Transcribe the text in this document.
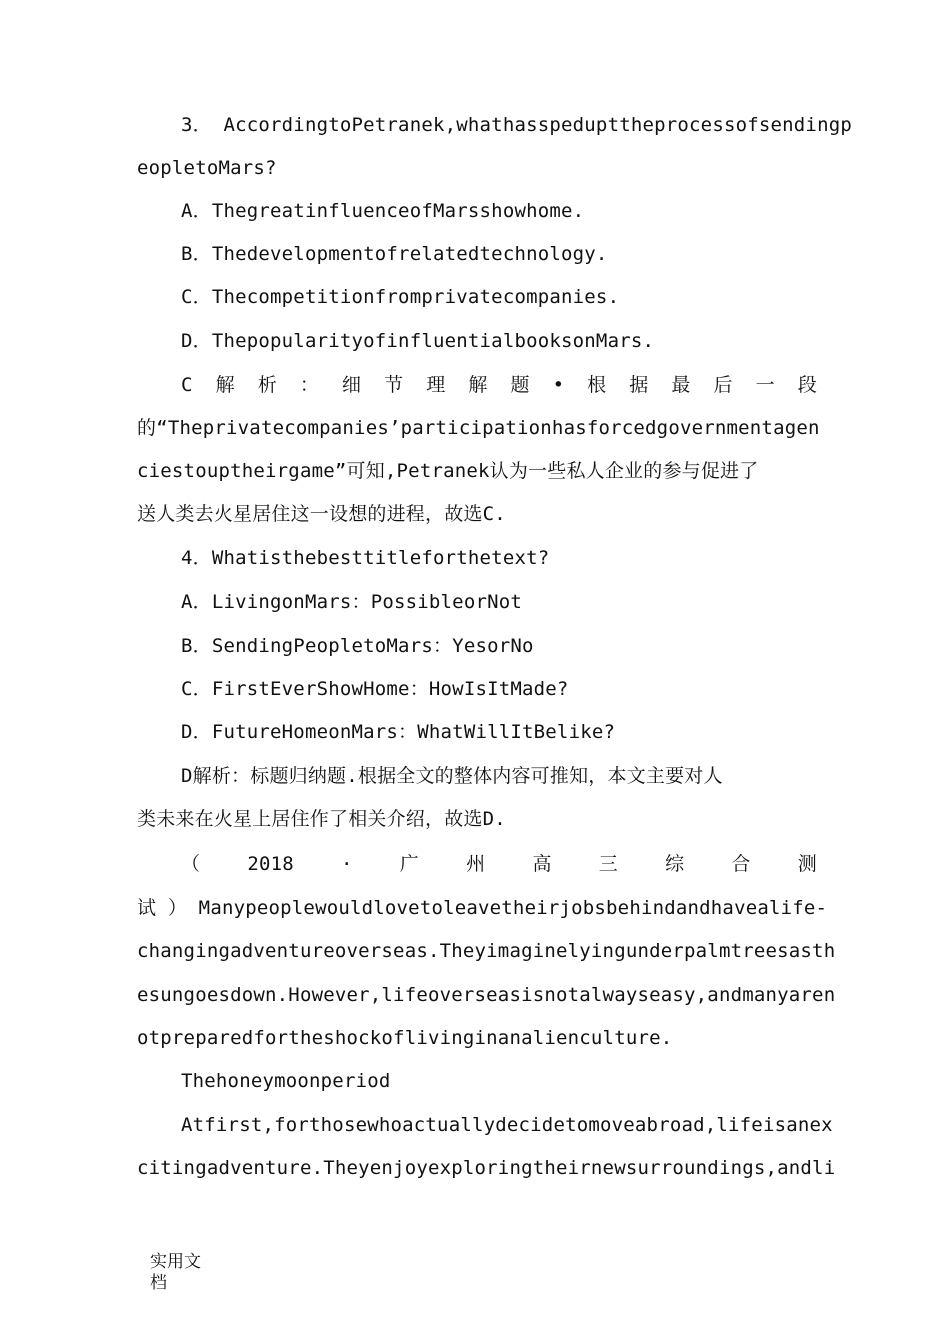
3． AccordingtoPetranek,whathasspedupttheprocessofsendingp
eopletoMars?
A．ThegreatinfluenceofMarsshowhome.
B．Thedevelopmentofrelatedtechnology.
C．Thecompetitionfromprivatecompanies.
D．ThepopularityofinfluentialbooksonMars.
C 解 析 ： 细 节 理 解 题 • 根 据 最 后 一 段
的“Theprivatecompanies’participationhasforcedgovernmentagen
ciestouptheirgame”可知,Petranek认为一些私人企业的参与促进了
送人类去火星居住这一设想的进程，故选C.
4．Whatisthebesttitleforthetext?
A．LivingonMars：PossibleorNot
B．SendingPeopletoMars：YesorNo
C．FirstEverShowHome：HowIsItMade?
D．FutureHomeonMars：WhatWillItBelike?
D解析：标题归纳题.根据全文的整体内容可推知，本文主要对人
类未来在火星上居住作了相关介绍，故选D.
（ 2018 · 广 州 高 三 综 合 测
试 ） Manypeoplewouldlovetoleavetheirjobsbehindandhavealife-
changingadventureoverseas.Theyimaginelyingunderpalmtreesasth
esungoesdown.However,lifeoverseasisnotalwayseasy,andmanyaren
otpreparedfortheshockoflivinginanalienculture.
Thehoneymoonperiod
Atfirst,forthosewhoactuallydecidetomoveabroad,lifeisanex
citingadventure.Theyenjoyexploringtheirnewsurroundings,andli
实用文
档
